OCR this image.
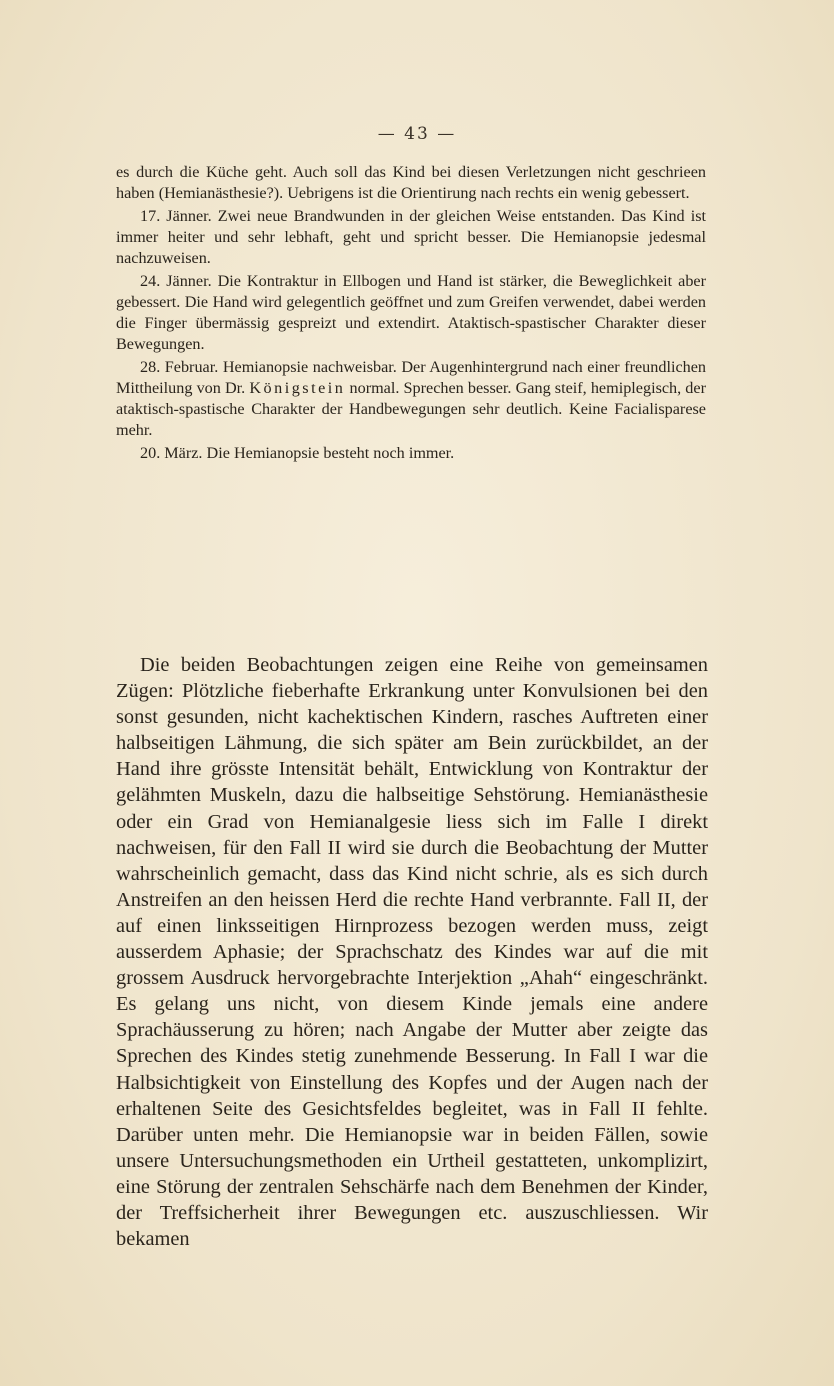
— 43 —

es durch die Küche geht. Auch soll das Kind bei diesen Verletzungen nicht geschrieen haben (Hemianästhesie?). Uebrigens ist die Orientirung nach rechts ein wenig gebessert.

17. Jänner. Zwei neue Brandwunden in der gleichen Weise entstanden. Das Kind ist immer heiter und sehr lebhaft, geht und spricht besser. Die Hemianopsie jedesmal nachzuweisen.

24. Jänner. Die Kontraktur in Ellbogen und Hand ist stärker, die Beweglichkeit aber gebessert. Die Hand wird gelegentlich geöffnet und zum Greifen verwendet, dabei werden die Finger übermässig gespreizt und extendirt. Ataktisch-spastischer Charakter dieser Bewegungen.

28. Februar. Hemianopsie nachweisbar. Der Augenhintergrund nach einer freundlichen Mittheilung von Dr. Königstein normal. Sprechen besser. Gang steif, hemiplegisch, der ataktisch-spastische Charakter der Handbewegungen sehr deutlich. Keine Facialisparese mehr.

20. März. Die Hemianopsie besteht noch immer.

Die beiden Beobachtungen zeigen eine Reihe von gemeinsamen Zügen: Plötzliche fieberhafte Erkrankung unter Konvulsionen bei den sonst gesunden, nicht kachektischen Kindern, rasches Auftreten einer halbseitigen Lähmung, die sich später am Bein zurückbildet, an der Hand ihre grösste Intensität behält, Entwicklung von Kontraktur der gelähmten Muskeln, dazu die halbseitige Sehstörung. Hemianästhesie oder ein Grad von Hemianalgesie liess sich im Falle I direkt nachweisen, für den Fall II wird sie durch die Beobachtung der Mutter wahrscheinlich gemacht, dass das Kind nicht schrie, als es sich durch Anstreifen an den heissen Herd die rechte Hand verbrannte. Fall II, der auf einen linksseitigen Hirnprozess bezogen werden muss, zeigt ausserdem Aphasie; der Sprachschatz des Kindes war auf die mit grossem Ausdruck hervorgebrachte Interjektion „Ahah“ eingeschränkt. Es gelang uns nicht, von diesem Kinde jemals eine andere Sprachäusserung zu hören; nach Angabe der Mutter aber zeigte das Sprechen des Kindes stetig zunehmende Besserung. In Fall I war die Halbsichtigkeit von Einstellung des Kopfes und der Augen nach der erhaltenen Seite des Gesichtsfeldes begleitet, was in Fall II fehlte. Darüber unten mehr. Die Hemianopsie war in beiden Fällen, sowie unsere Untersuchungsmethoden ein Urtheil gestatteten, unkomplizirt, eine Störung der zentralen Sehschärfe nach dem Benehmen der Kinder, der Treffsicherheit ihrer Bewegungen etc. auszuschliessen. Wir bekamen
